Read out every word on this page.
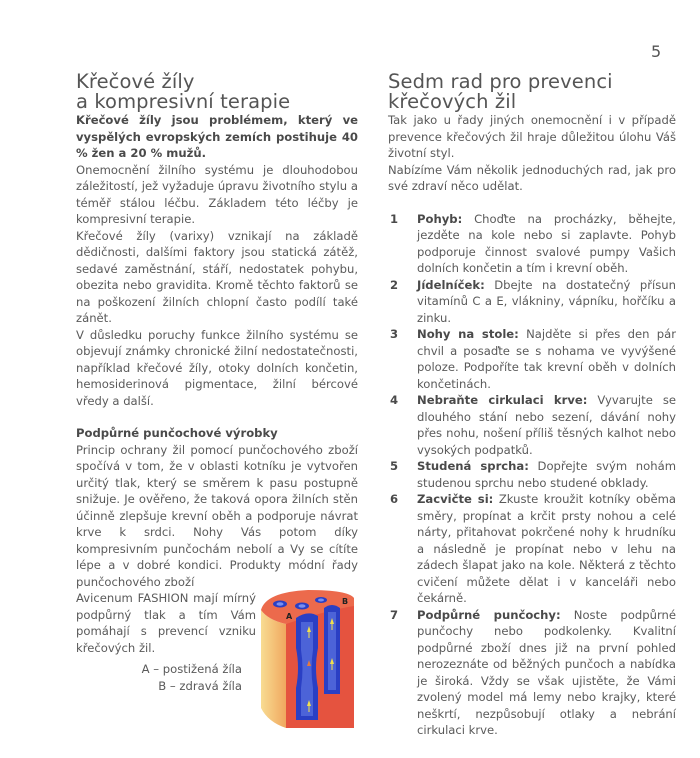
5
Křečové žíly
a kompresivní terapie

Křečové žíly jsou problémem, který ve vyspělých evropských zemích postihuje 40 % žen a 20 % mužů.

Onemocnění žilního systému je dlouhodobou záležitostí, jež vyžaduje úpravu životního stylu a téměř stálou léčbu. Základem této léčby je kompresivní terapie.

Křečové žíly (varixy) vznikají na základě dědičnosti, dalšími faktory jsou statická zátěž, sedavé zaměstnání, stáří, nedostatek pohybu, obezita nebo gravidita. Kromě těchto faktorů se na poškození žilních chlopní často podílí také zánět.

V důsledku poruchy funkce žilního systému se objevují známky chronické žilní nedostatečnosti, například křečové žíly, otoky dolních končetin, hemosiderinová pigmentace, žilní bércové vředy a další.

Podpůrné punčochové výrobky

Princip ochrany žil pomocí punčochového zboží spočívá v tom, že v oblasti kotníku je vytvořen určitý tlak, který se směrem k pasu postupně snižuje. Je ověřeno, že taková opora žilních stěn účinně zlepšuje krevní oběh a podporuje návrat krve k srdci. Nohy Vás potom díky kompresivním punčochám nebolí a Vy se cítíte lépe a v dobré kondici. Produkty módní řady punčochového zboží

Avicenum FASHION mají mírný podpůrný tlak a tím Vám pomáhají s prevencí vzniku křečových žil.

A – postižená žíla
B – zdravá žíla
A
B
Sedm rad pro prevenci
křečových žil

Tak jako u řady jiných onemocnění i v případě prevence křečových žil hraje důležitou úlohu Váš životní styl.

Nabízíme Vám několik jednoduchých rad, jak pro své zdraví něco udělat.

1 Pohyb: Choďte na procházky, běhejte, jezděte na kole nebo si zaplavte. Pohyb podporuje činnost svalové pumpy Vašich dolních končetin a tím i krevní oběh.
2 Jídelníček: Dbejte na dostatečný přísun vitamínů C a E, vlákniny, vápníku, hořčíku a zinku.
3 Nohy na stole: Najděte si přes den pár chvil a posaďte se s nohama ve vyvýšené poloze. Podpoříte tak krevní oběh v dolních končetinách.
4 Nebraňte cirkulaci krve: Vyvarujte se dlouhého stání nebo sezení, dávání nohy přes nohu, nošení příliš těsných kalhot nebo vysokých podpatků.
5 Studená sprcha: Dopřejte svým nohám studenou sprchu nebo studené obklady.
6 Zacvičte si: Zkuste kroužit kotníky oběma směry, propínat a krčit prsty nohou a celé nárty, přitahovat pokrčené nohy k hrudníku a následně je propínat nebo v lehu na zádech šlapat jako na kole. Některá z těchto cvičení můžete dělat i v kanceláři nebo čekárně.
7 Podpůrné punčochy: Noste podpůrné punčochy nebo podkolenky. Kvalitní podpůrné zboží dnes již na první pohled nerozeznáte od běžných punčoch a nabídka je široká. Vždy se však ujistěte, že Vámi zvolený model má lemy nebo krajky, které neškrtí, nezpůsobují otlaky a nebrání cirkulaci krve.
